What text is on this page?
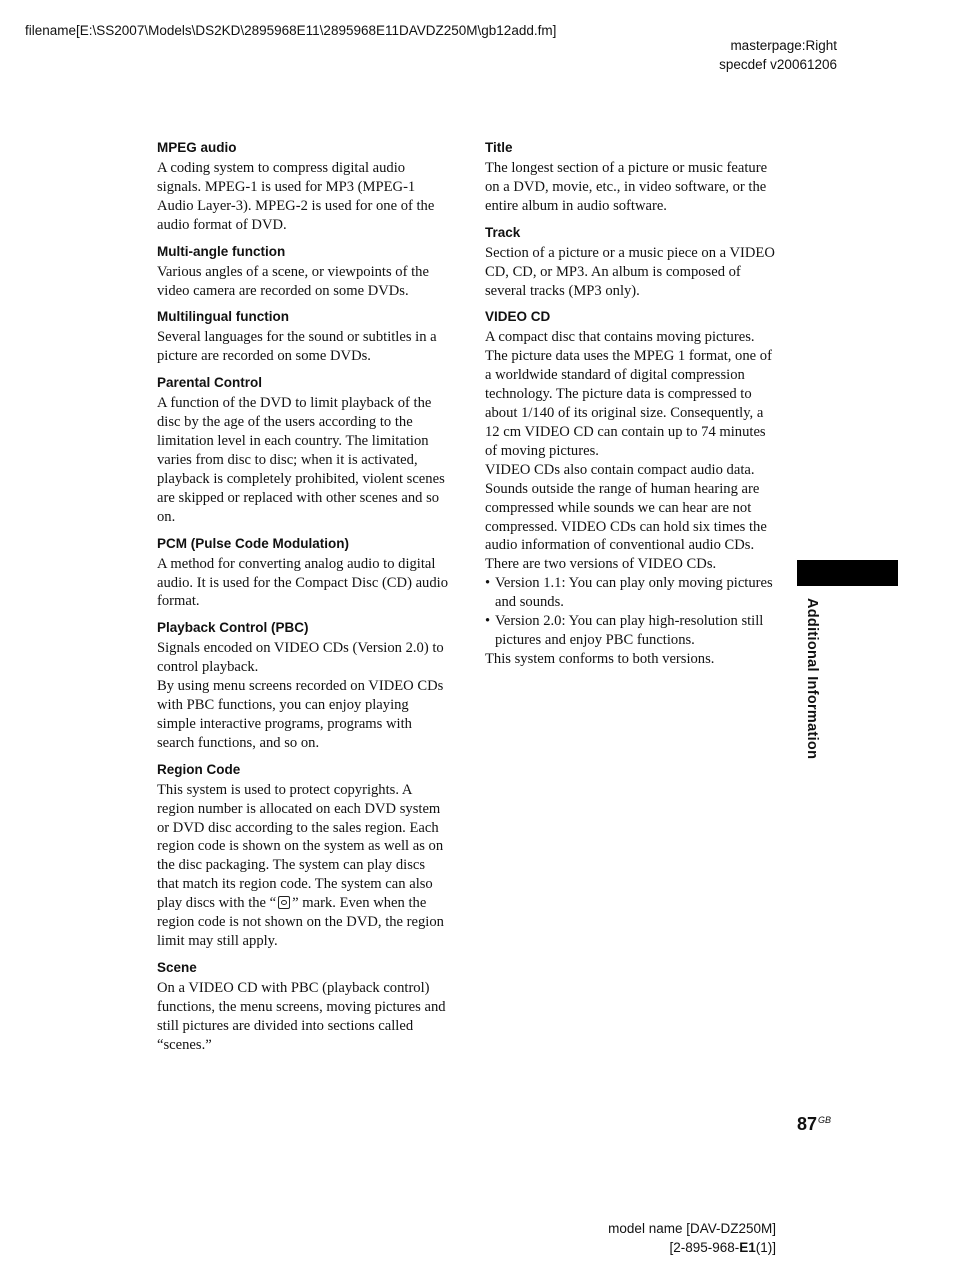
filename[E:\SS2007\Models\DS2KD\2895968E11\2895968E11DAVDZ250M\gb12add.fm]
masterpage:Right
specdef v20061206
MPEG audio

A coding system to compress digital audio signals. MPEG-1 is used for MP3 (MPEG-1 Audio Layer-3). MPEG-2 is used for one of the audio format of DVD.

Multi-angle function

Various angles of a scene, or viewpoints of the video camera are recorded on some DVDs.

Multilingual function

Several languages for the sound or subtitles in a picture are recorded on some DVDs.

Parental Control

A function of the DVD to limit playback of the disc by the age of the users according to the limitation level in each country. The limitation varies from disc to disc; when it is activated, playback is completely prohibited, violent scenes are skipped or replaced with other scenes and so on.

PCM (Pulse Code Modulation)

A method for converting analog audio to digital audio. It is used for the Compact Disc (CD) audio format.

Playback Control (PBC)

Signals encoded on VIDEO CDs (Version 2.0) to control playback.

By using menu screens recorded on VIDEO CDs with PBC functions, you can enjoy playing simple interactive programs, programs with search functions, and so on.

Region Code

This system is used to protect copyrights. A region number is allocated on each DVD system or DVD disc according to the sales region. Each region code is shown on the system as well as on the disc packaging. The system can play discs that match its region code. The system can also play discs with the “ ” mark. Even when the region code is not shown on the DVD, the region limit may still apply.

Scene

On a VIDEO CD with PBC (playback control) functions, the menu screens, moving pictures and still pictures are divided into sections called “scenes.”

Title

The longest section of a picture or music feature on a DVD, movie, etc., in video software, or the entire album in audio software.

Track

Section of a picture or a music piece on a VIDEO CD, CD, or MP3. An album is composed of several tracks (MP3 only).

VIDEO CD

A compact disc that contains moving pictures. The picture data uses the MPEG 1 format, one of a worldwide standard of digital compression technology. The picture data is compressed to about 1/140 of its original size. Consequently, a 12 cm VIDEO CD can contain up to 74 minutes of moving pictures.

VIDEO CDs also contain compact audio data. Sounds outside the range of human hearing are compressed while sounds we can hear are not compressed. VIDEO CDs can hold six times the audio information of conventional audio CDs.

There are two versions of VIDEO CDs.

• Version 1.1: You can play only moving pictures and sounds.
• Version 2.0: You can play high-resolution still pictures and enjoy PBC functions.

This system conforms to both versions.	Additional Information
$87^{GB}$
model name [DAV-DZ250M]
[2-895-968-E1(1)]
